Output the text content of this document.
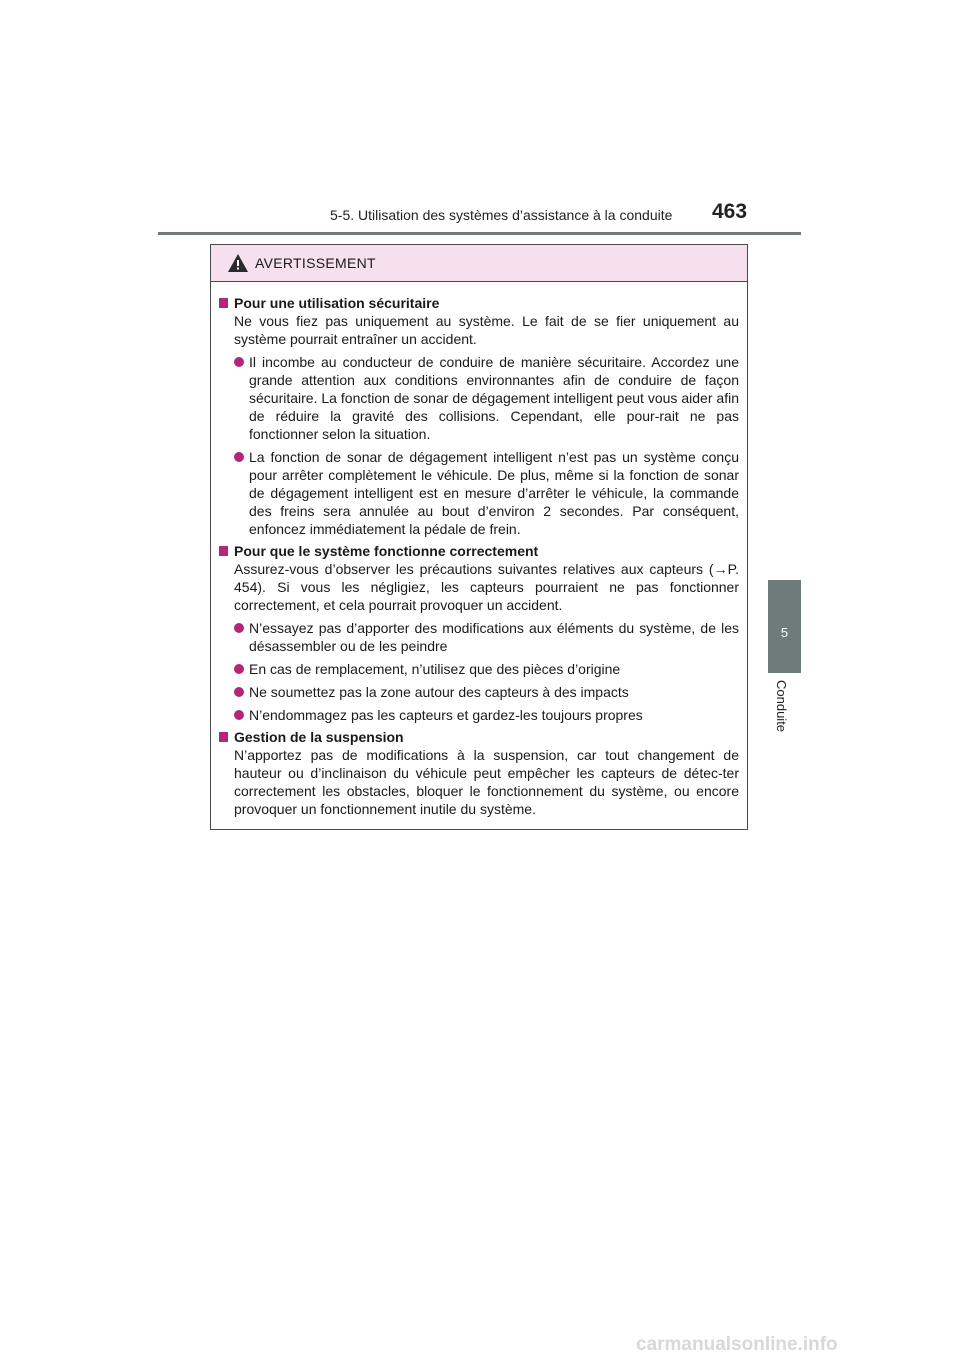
5-5. Utilisation des systèmes d’assistance à la conduite 463
5
Conduite
AVERTISSEMENT
Pour une utilisation sécuritaire
Ne vous fiez pas uniquement au système. Le fait de se fier uniquement au système pourrait entraîner un accident.
Il incombe au conducteur de conduire de manière sécuritaire. Accordez une grande attention aux conditions environnantes afin de conduire de façon sécuritaire. La fonction de sonar de dégagement intelligent peut vous aider afin de réduire la gravité des collisions. Cependant, elle pour-rait ne pas fonctionner selon la situation.
La fonction de sonar de dégagement intelligent n’est pas un système conçu pour arrêter complètement le véhicule. De plus, même si la fonction de sonar de dégagement intelligent est en mesure d’arrêter le véhicule, la commande des freins sera annulée au bout d’environ 2 secondes. Par conséquent, enfoncez immédiatement la pédale de frein.
Pour que le système fonctionne correctement
Assurez-vous d’observer les précautions suivantes relatives aux capteurs (→P. 454). Si vous les négligiez, les capteurs pourraient ne pas fonctionner correctement, et cela pourrait provoquer un accident.
N’essayez pas d’apporter des modifications aux éléments du système, de les désassembler ou de les peindre
En cas de remplacement, n’utilisez que des pièces d’origine
Ne soumettez pas la zone autour des capteurs à des impacts
N’endommagez pas les capteurs et gardez-les toujours propres
Gestion de la suspension
N’apportez pas de modifications à la suspension, car tout changement de hauteur ou d’inclinaison du véhicule peut empêcher les capteurs de détec-ter correctement les obstacles, bloquer le fonctionnement du système, ou encore provoquer un fonctionnement inutile du système.
carmanualsonline.info
